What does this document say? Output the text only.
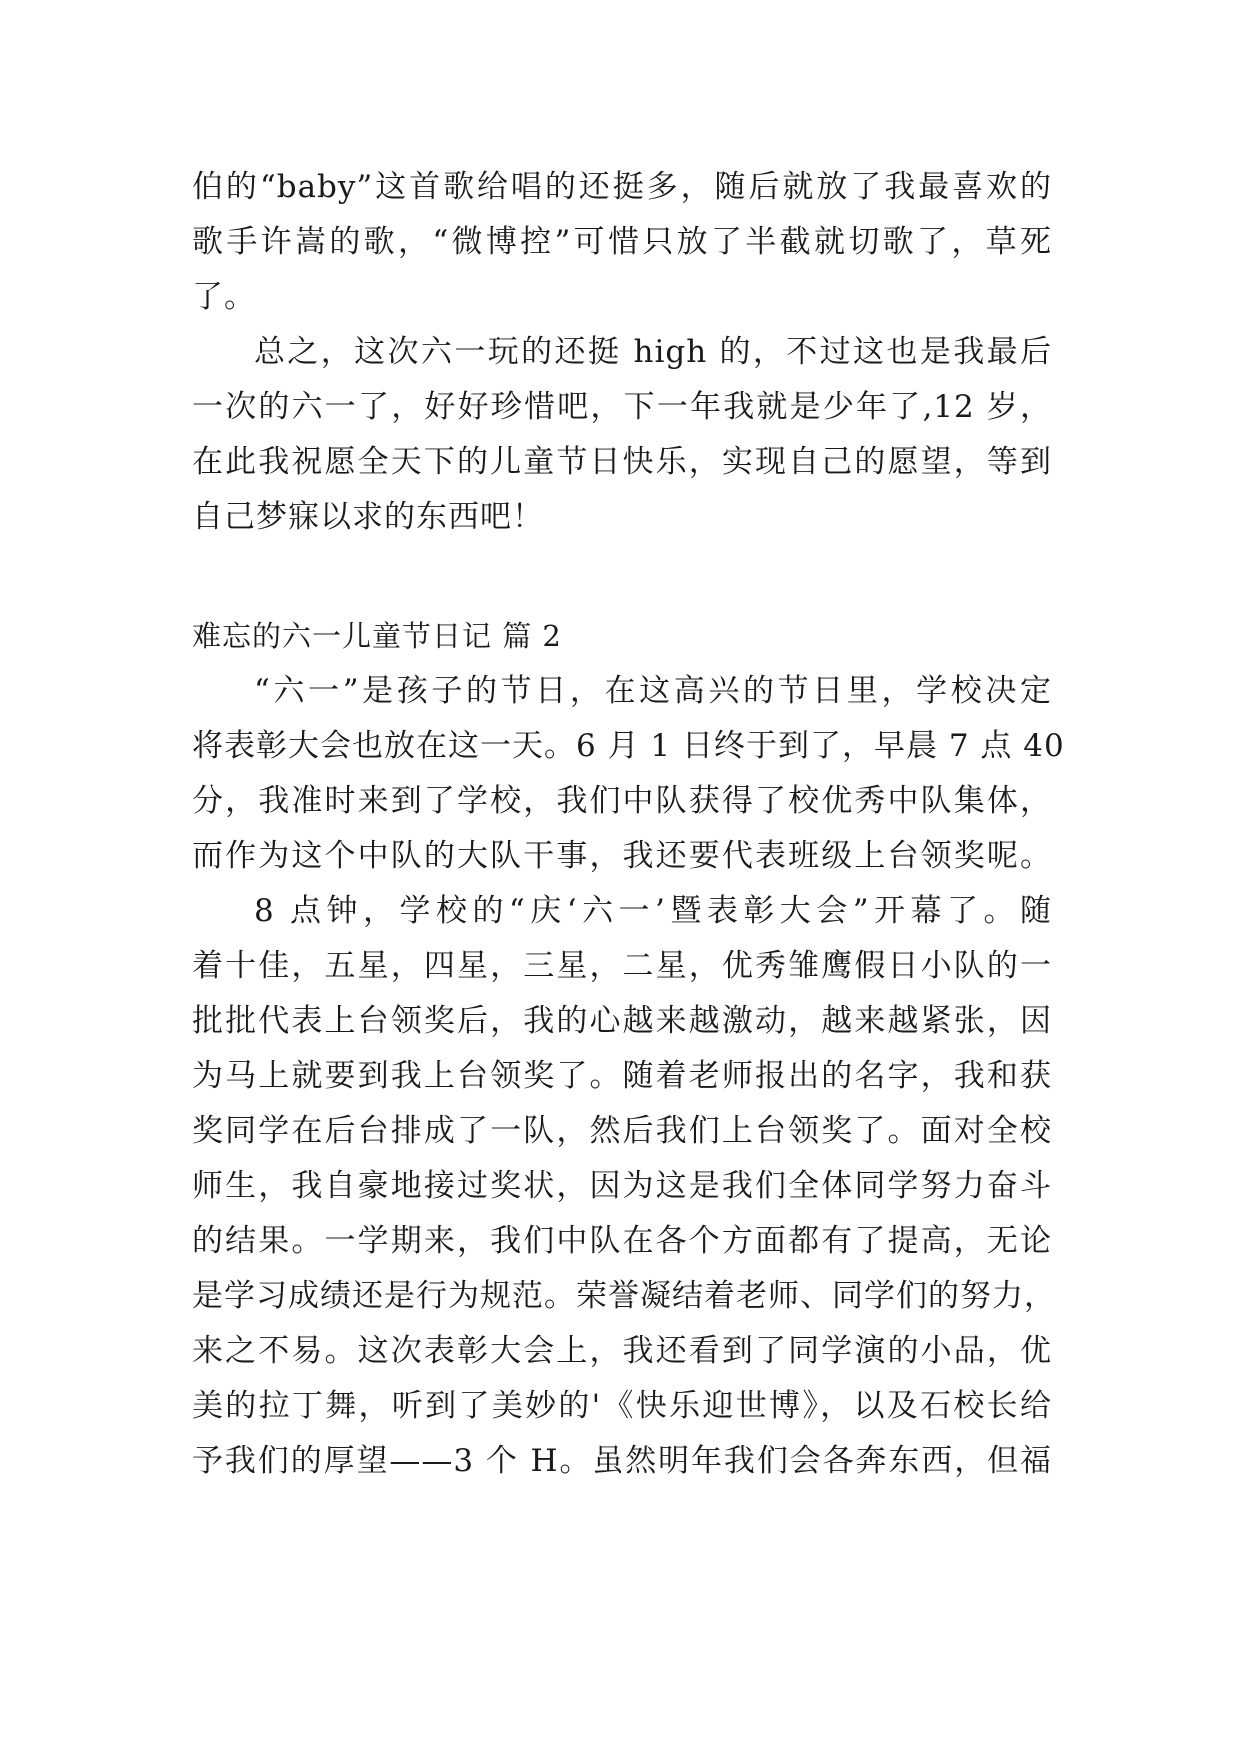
伯的“baby”这首歌给唱的还挺多，随后就放了我最喜欢的
歌手许嵩的歌，“微博控”可惜只放了半截就切歌了，草死
了。
总之，这次六一玩的还挺 high 的，不过这也是我最后
一次的六一了，好好珍惜吧，下一年我就是少年了,12 岁，
在此我祝愿全天下的儿童节日快乐，实现自己的愿望，等到
自己梦寐以求的东西吧！
难忘的六一儿童节日记 篇 2
“六一”是孩子的节日，在这高兴的节日里，学校决定
将表彰大会也放在这一天。6 月 1 日终于到了，早晨 7 点 40
分，我准时来到了学校，我们中队获得了校优秀中队集体，
而作为这个中队的大队干事，我还要代表班级上台领奖呢。
8 点钟，学校的“庆‘六一’暨表彰大会”开幕了。随
着十佳，五星，四星，三星，二星，优秀雏鹰假日小队的一
批批代表上台领奖后，我的心越来越激动，越来越紧张，因
为马上就要到我上台领奖了。随着老师报出的名字，我和获
奖同学在后台排成了一队，然后我们上台领奖了。面对全校
师生，我自豪地接过奖状，因为这是我们全体同学努力奋斗
的结果。一学期来，我们中队在各个方面都有了提高，无论
是学习成绩还是行为规范。荣誉凝结着老师、同学们的努力，
来之不易。这次表彰大会上，我还看到了同学演的小品，优
美的拉丁舞，听到了美妙的'《快乐迎世博》，以及石校长给
予我们的厚望——3 个 H。虽然明年我们会各奔东西，但福
